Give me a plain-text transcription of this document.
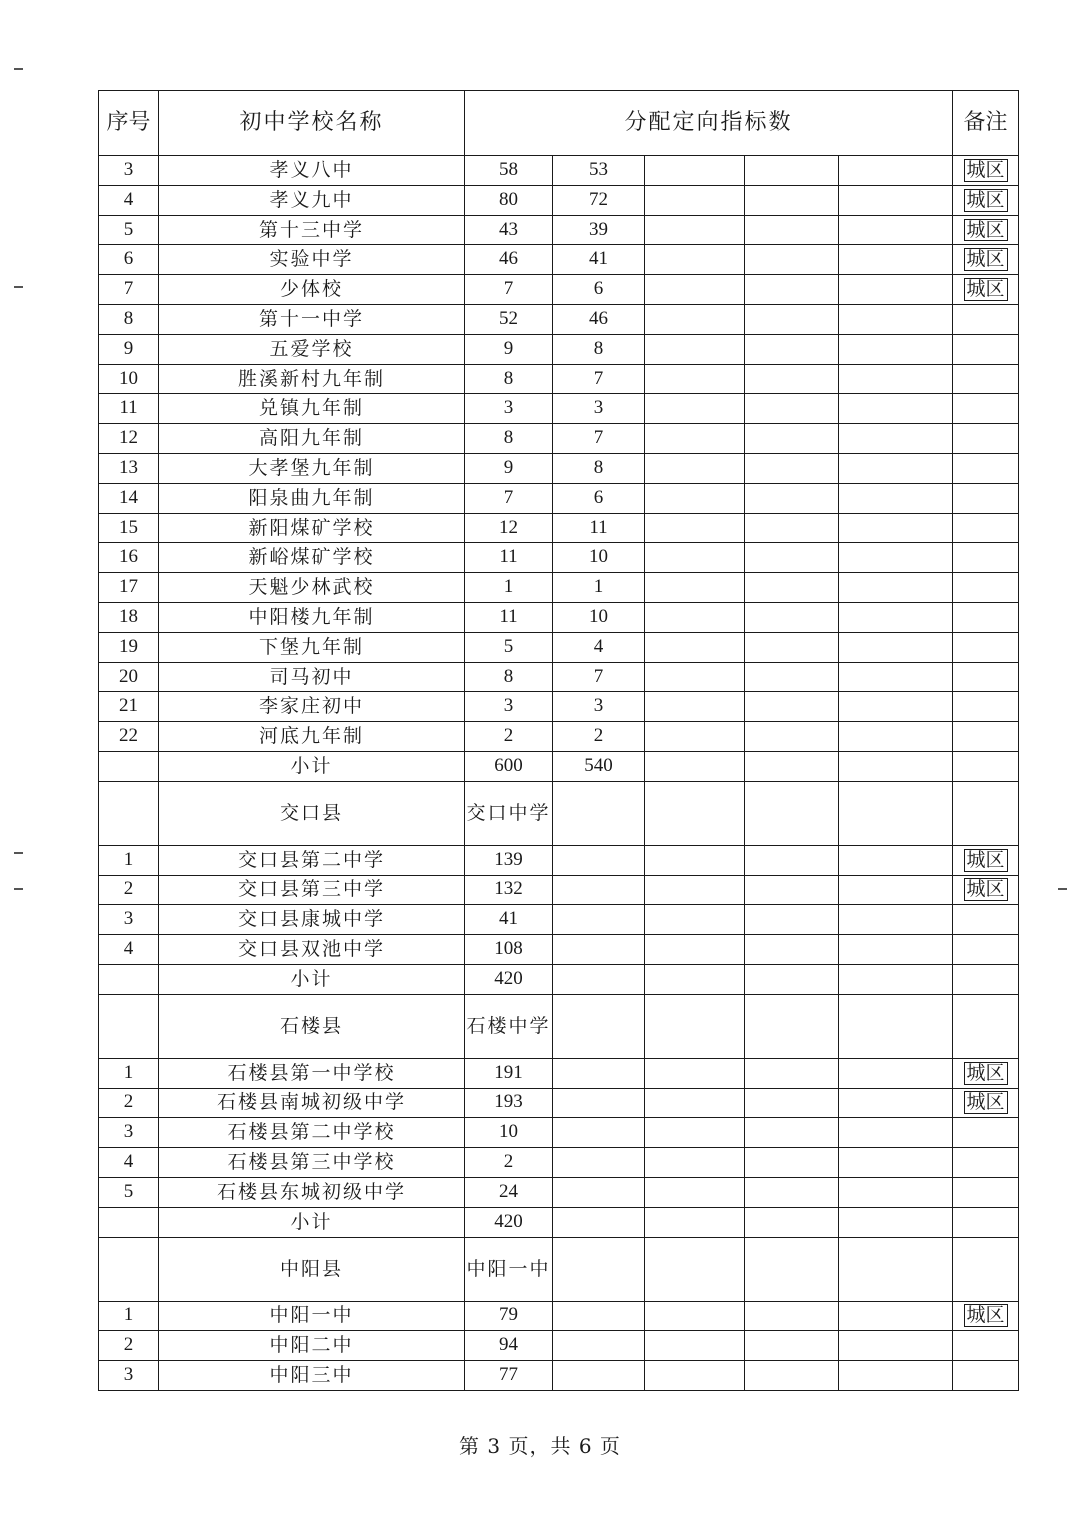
序号	初中学校名称	分配定向指标数					备注
3	孝义八中	58	53				城区
4	孝义九中	80	72				城区
5	第十三中学	43	39				城区
6	实验中学	46	41				城区
7	少体校	7	6				城区
8	第十一中学	52	46				
9	五爱学校	9	8				
10	胜溪新村九年制	8	7				
11	兑镇九年制	3	3				
12	高阳九年制	8	7				
13	大孝堡九年制	9	8				
14	阳泉曲九年制	7	6				
15	新阳煤矿学校	12	11				
16	新峪煤矿学校	11	10				
17	天魁少林武校	1	1				
18	中阳楼九年制	11	10				
19	下堡九年制	5	4				
20	司马初中	8	7				
21	李家庄初中	3	3				
22	河底九年制	2	2				
	小计	600	540				
	交口县	交口中学					
1	交口县第二中学	139					城区
2	交口县第三中学	132					城区
3	交口县康城中学	41					
4	交口县双池中学	108					
	小计	420					
	石楼县	石楼中学					
1	石楼县第一中学校	191					城区
2	石楼县南城初级中学	193					城区
3	石楼县第二中学校	10					
4	石楼县第三中学校	2					
5	石楼县东城初级中学	24					
	小计	420					
	中阳县	中阳一中					
1	中阳一中	79					城区
2	中阳二中	94					
3	中阳三中	77					
第 3 页，共 6 页
